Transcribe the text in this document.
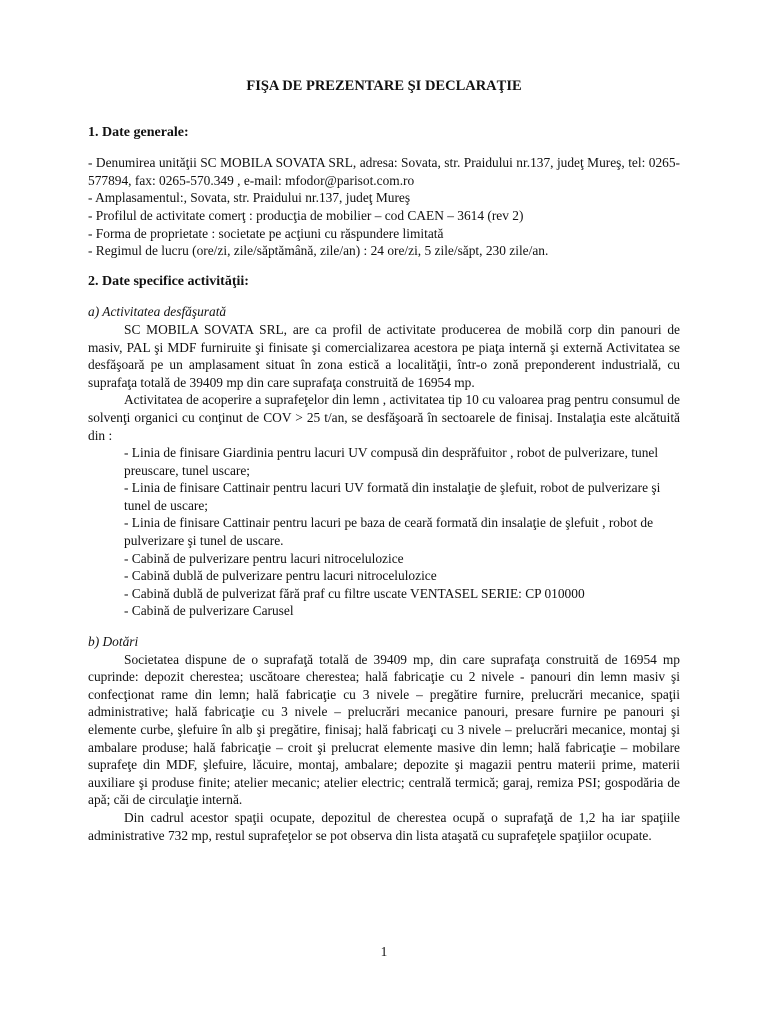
FIŞA DE PREZENTARE ŞI DECLARAŢIE
1. Date generale:

- Denumirea unităţii SC MOBILA SOVATA SRL, adresa: Sovata, str. Praidului nr.137, judeţ Mureş, tel: 0265-577894, fax: 0265-570.349 , e-mail: mfodor@parisot.com.ro

- Amplasamentul:, Sovata, str. Praidului nr.137, judeţ Mureş

- Profilul de activitate comerţ : producţia de mobilier – cod CAEN – 3614 (rev 2)

- Forma de proprietate : societate pe acţiuni cu răspundere limitată

- Regimul de lucru (ore/zi, zile/săptămână, zile/an) : 24 ore/zi, 5 zile/săpt, 230 zile/an.

2. Date specifice activităţii:
a) Activitatea desfăşurată

SC MOBILA SOVATA SRL, are ca profil de activitate producerea de mobilă corp din panouri de masiv, PAL şi MDF furniruite şi finisate şi comercializarea acestora pe piaţa internă şi externă Activitatea se desfăşoară pe un amplasament situat în zona estică a localităţii, într-o zonă preponderent industrială, cu suprafaţa totală de 39409 mp din care suprafaţa construită de 16954 mp.

Activitatea de acoperire a suprafeţelor din lemn , activitatea tip 10 cu valoarea prag pentru consumul de solvenţi organici cu conţinut de COV > 25 t/an, se desfăşoară în sectoarele de finisaj. Instalaţia este alcătuită din :

- Linia de finisare Giardinia pentru lacuri UV compusă din desprăfuitor , robot de pulverizare, tunel preuscare, tunel uscare;

- Linia de finisare Cattinair pentru lacuri UV formată din instalaţie de şlefuit, robot de pulverizare şi tunel de uscare;

- Linia de finisare Cattinair pentru lacuri pe baza de ceară formată din insalaţie de şlefuit , robot de pulverizare şi tunel de uscare.

- Cabină de pulverizare pentru lacuri nitrocelulozice

- Cabină dublă de pulverizare pentru lacuri nitrocelulozice

- Cabină dublă de pulverizat fără praf cu filtre uscate VENTASEL SERIE: CP 010000

- Cabină de pulverizare Carusel

b) Dotări

Societatea dispune de o suprafaţă totală de 39409 mp, din care suprafaţa construită de 16954 mp cuprinde: depozit cherestea; uscătoare cherestea; hală fabricaţie cu 2 nivele - panouri din lemn masiv şi confecţionat rame din lemn; hală fabricaţie cu 3 nivele – pregătire furnire, prelucrări mecanice, spaţii administrative; hală fabricaţie cu 3 nivele – prelucrări mecanice panouri, presare furnire pe panouri şi elemente curbe, şlefuire în alb şi pregătire, finisaj; hală fabricaţi cu 3 nivele – prelucrări mecanice, montaj şi ambalare produse; hală fabricaţie – croit şi prelucrat elemente masive din lemn; hală fabricaţie – mobilare suprafeţe din MDF, şlefuire, lăcuire, montaj, ambalare; depozite şi magazii pentru materii prime, materii auxiliare şi produse finite; atelier mecanic; atelier electric; centrală termică; garaj, remiza PSI; gospodăria de apă; căi de circulaţie internă.

Din cadrul acestor spaţii ocupate, depozitul de cherestea ocupă o suprafaţă de 1,2 ha iar spaţiile administrative 732 mp, restul suprafeţelor se pot observa din lista ataşată cu suprafeţele spaţiilor ocupate.

1
